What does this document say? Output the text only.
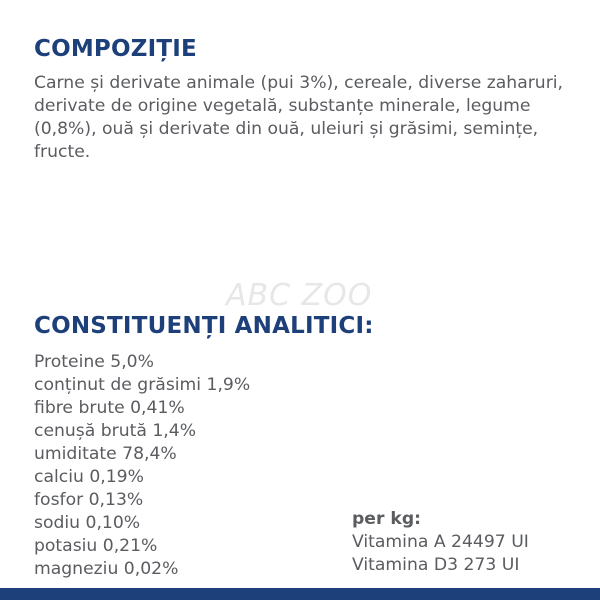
COMPOZIȚIE

Carne și derivate animale (pui 3%), cereale, diverse zaharuri, derivate de origine vegetală, substanțe minerale, legume (0,8%), ouă și derivate din ouă, uleiuri și grăsimi, semințe, fructe.

ABC ZOO
CONSTITUENȚI ANALITICI:
Proteine 5,0%
conținut de grăsimi 1,9%
fibre brute 0,41%
cenușă brută 1,4%
umiditate 78,4%
calciu 0,19%
fosfor 0,13%
sodiu 0,10%
potasiu 0,21%
magneziu 0,02%
per kg:
Vitamina A 24497 UI
Vitamina D3 273 UI
